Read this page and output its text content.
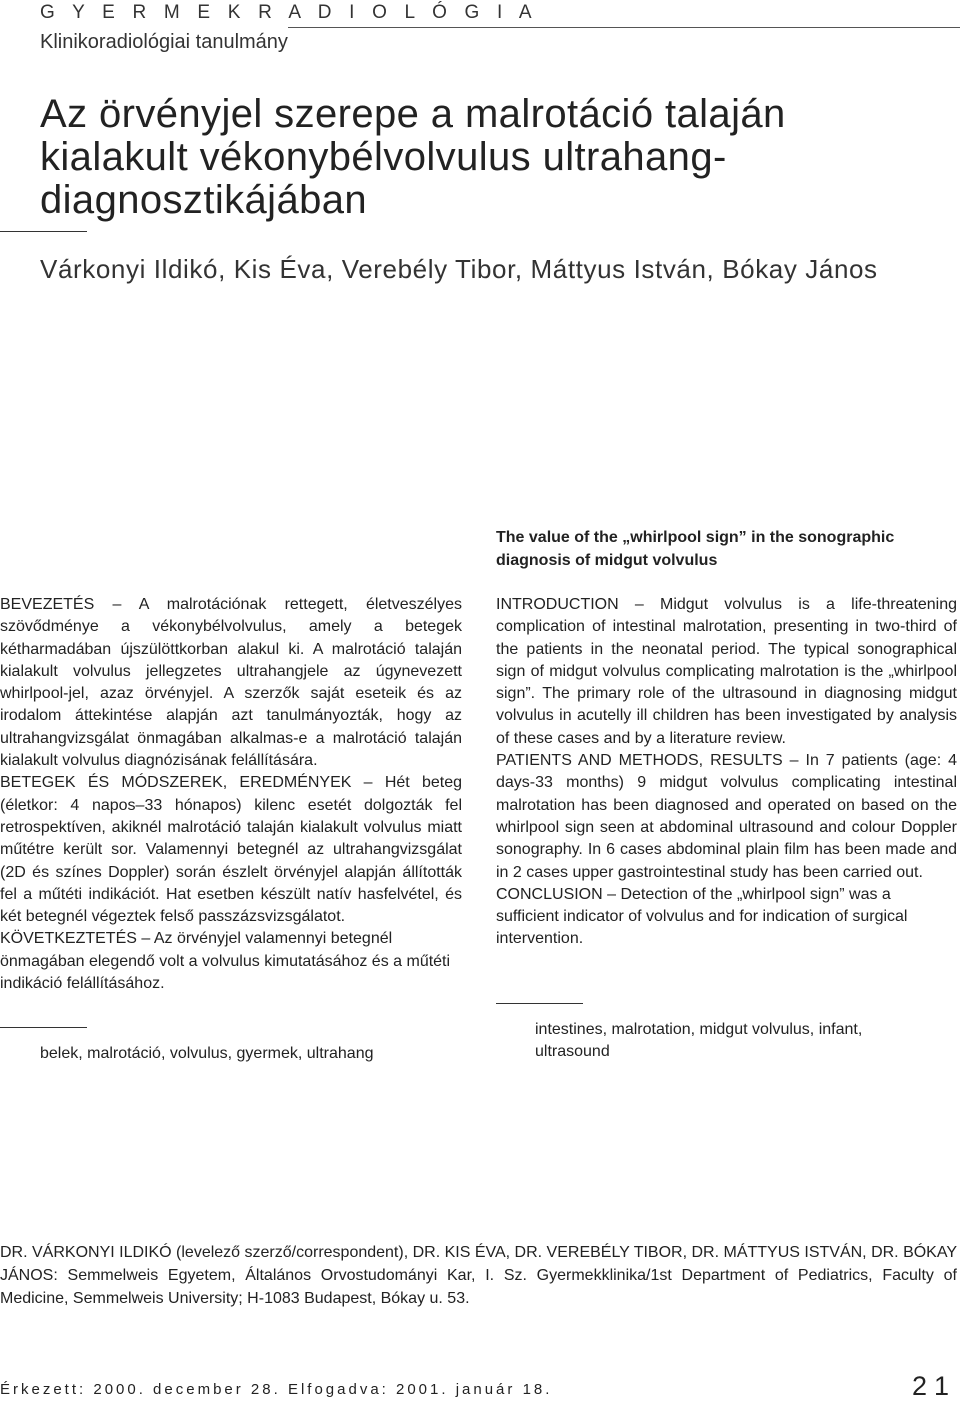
G Y E R M E K R A D I O L Ó G I A
Klinikoradiológiai tanulmány
Az örvényjel szerepe a malrotáció talaján kialakult vékonybélvolvulus ultrahang-diagnosztikájában
Várkonyi Ildikó, Kis Éva, Verebély Tibor, Máttyus István, Bókay János
The value of the „whirlpool sign” in the sonographic diagnosis of midgut volvulus

BEVEZETÉS – A malrotációnak rettegett, életveszélyes szövődménye a vékonybélvolvulus, amely a betegek kétharmadában újszülöttkorban alakul ki. A malrotáció talaján kialakult volvulus jellegzetes ultrahangjele az úgynevezett whirlpool-jel, azaz örvényjel. A szerzők saját eseteik és az irodalom áttekintése alapján azt tanulmányozták, hogy az ultrahangvizsgálat önmagában alkalmas-e a malrotáció talaján kialakult volvulus diagnózisának felállítására.

BETEGEK ÉS MÓDSZEREK, EREDMÉNYEK – Hét beteg (életkor: 4 napos–33 hónapos) kilenc esetét dolgozták fel retrospektíven, akiknél malrotáció talaján kialakult volvulus miatt műtétre került sor. Valamennyi betegnél az ultrahangvizsgálat (2D és színes Doppler) során észlelt örvényjel alapján állították fel a műtéti indikációt. Hat esetben készült natív hasfelvétel, és két betegnél végeztek felső passzázsvizsgálatot.

KÖVETKEZTETÉS – Az örvényjel valamennyi betegnél önmagában elegendő volt a volvulus kimutatásához és a műtéti indikáció felállításához.

INTRODUCTION – Midgut volvulus is a life-threatening complication of intestinal malrotation, presenting in two-third of the patients in the neonatal period. The typical sonographical sign of midgut volvulus complicating malrotation is the „whirlpool sign”. The primary role of the ultrasound in diagnosing midgut volvulus in acutelly ill children has been investigated by analysis of these cases and by a literature review.

PATIENTS AND METHODS, RESULTS – In 7 patients (age: 4 days-33 months) 9 midgut volvulus complicating intestinal malrotation has been diagnosed and operated on based on the whirlpool sign seen at abdominal ultrasound and colour Doppler sonography. In 6 cases abdominal plain film has been made and in 2 cases upper gastrointestinal study has been carried out.

CONCLUSION – Detection of the „whirlpool sign” was a sufficient indicator of volvulus and for indication of surgical intervention.

belek, malrotáció, volvulus, gyermek, ultrahang
intestines, malrotation, midgut volvulus, infant, ultrasound
DR. VÁRKONYI ILDIKÓ (levelező szerző/correspondent), DR. KIS ÉVA, DR. VEREBÉLY TIBOR, DR. MÁTTYUS ISTVÁN, DR. BÓKAY JÁNOS: Semmelweis Egyetem, Általános Orvostudományi Kar, I. Sz. Gyermekklinika/1st Department of Pediatrics, Faculty of Medicine, Semmelweis University; H-1083 Budapest, Bókay u. 53.
Érkezett: 2000. december 28. Elfogadva: 2001. január 18.	21
